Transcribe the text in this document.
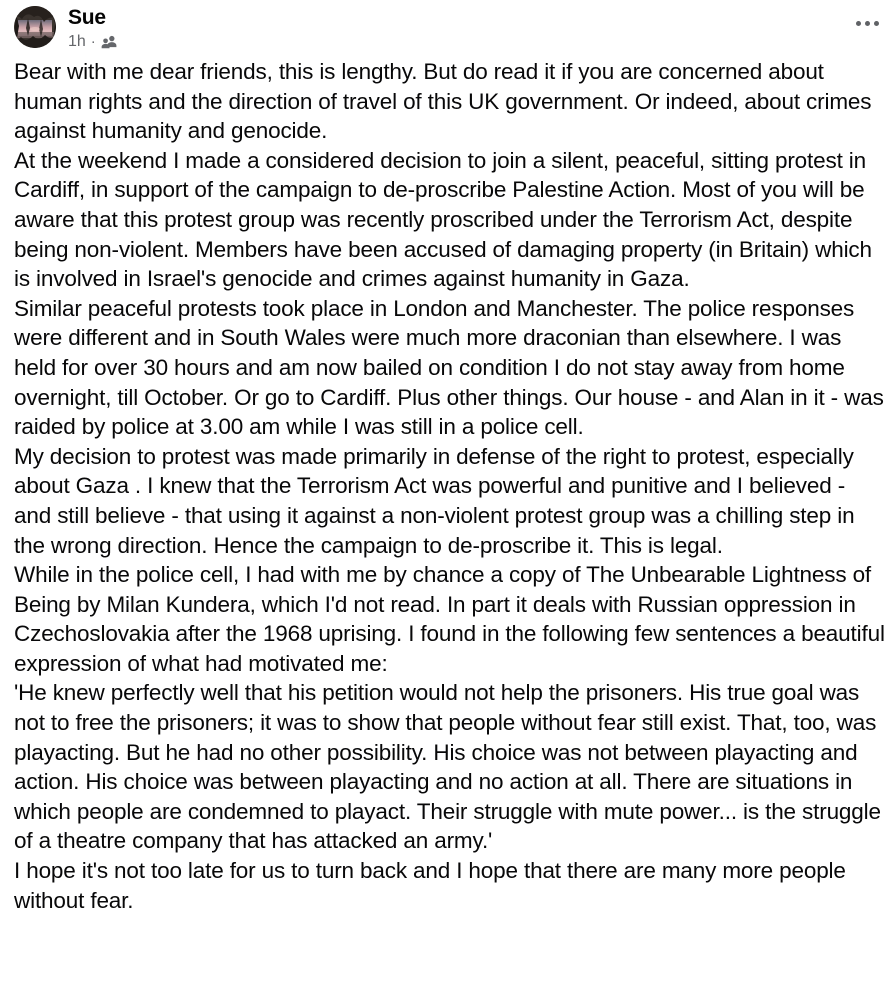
Sue
1h ·

Bear with me dear friends, this is lengthy. But do read it if you are concerned about human rights and the direction of travel of this UK government. Or indeed, about crimes against humanity and genocide.

At the weekend I made a considered decision to join a silent, peaceful, sitting protest in Cardiff, in support of the campaign to de-proscribe Palestine Action. Most of you will be aware that this protest group was recently proscribed under the Terrorism Act, despite being non-violent. Members have been accused of damaging property (in Britain) which is involved in Israel's genocide and crimes against humanity in Gaza.

Similar peaceful protests took place in London and Manchester. The police responses were different and in South Wales were much more draconian than elsewhere. I was held for over 30 hours and am now bailed on condition I do not stay away from home overnight, till October. Or go to Cardiff. Plus other things. Our house - and Alan in it - was raided by police at 3.00 am while I was still in a police cell.

My decision to protest was made primarily in defense of the right to protest, especially about Gaza . I knew that the Terrorism Act was powerful and punitive and I believed - and still believe - that using it against a non-violent protest group was a chilling step in the wrong direction. Hence the campaign to de-proscribe it. This is legal.

While in the police cell, I had with me by chance a copy of The Unbearable Lightness of Being by Milan Kundera, which I'd not read. In part it deals with Russian oppression in Czechoslovakia after the 1968 uprising. I found in the following few sentences a beautiful expression of what had motivated me:

'He knew perfectly well that his petition would not help the prisoners. His true goal was not to free the prisoners; it was to show that people without fear still exist. That, too, was playacting. But he had no other possibility. His choice was not between playacting and action. His choice was between playacting and no action at all. There are situations in which people are condemned to playact. Their struggle with mute power... is the struggle of a theatre company that has attacked an army.'

I hope it's not too late for us to turn back and I hope that there are many more people without fear.
